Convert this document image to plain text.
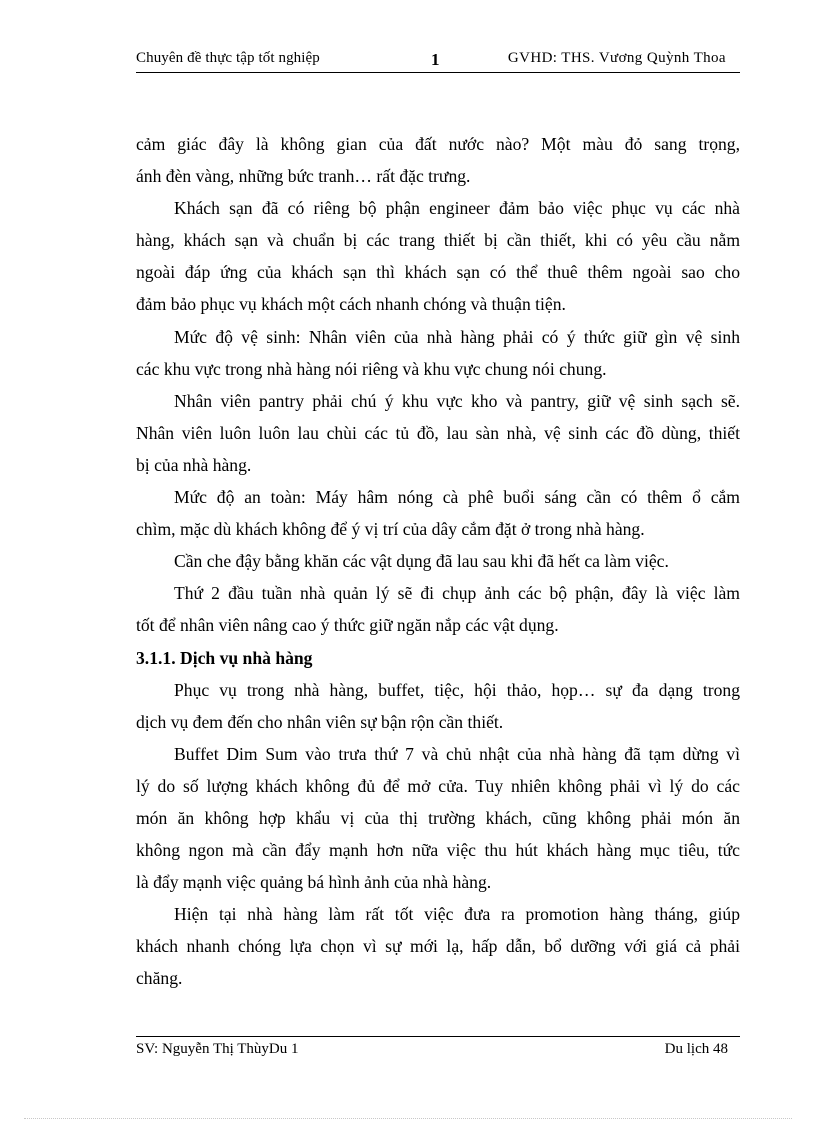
Chuyên đề thực tập tốt nghiệp	1	GVHD: THS. Vương Quỳnh Thoa
cảm giác đây là không gian của đất nước nào? Một màu đỏ sang trọng,
ánh đèn vàng, những bức tranh… rất đặc trưng.
Khách sạn đã có riêng bộ phận engineer đảm bảo việc phục vụ các nhà
hàng, khách sạn và chuẩn bị các trang thiết bị cần thiết, khi có yêu cầu nằm
ngoài đáp ứng của khách sạn thì khách sạn có thể thuê thêm ngoài sao cho
đảm bảo phục vụ khách một cách nhanh chóng và thuận tiện.
Mức độ vệ sinh: Nhân viên của nhà hàng phải có ý thức giữ gìn vệ sinh
các khu vực trong nhà hàng nói riêng và khu vực chung nói chung.
Nhân viên pantry phải chú ý khu vực kho và pantry, giữ vệ sinh sạch sẽ.
Nhân viên luôn luôn lau chùi các tủ đồ, lau sàn nhà, vệ sinh các đồ dùng, thiết
bị của nhà hàng.
Mức độ an toàn: Máy hâm nóng cà phê buổi sáng cần có thêm ổ cắm
chìm, mặc dù khách không để ý vị trí của dây cắm đặt ở trong nhà hàng.
Cần che đậy bằng khăn các vật dụng đã lau sau khi đã hết ca làm việc.
Thứ 2 đầu tuần nhà quản lý sẽ đi chụp ảnh các bộ phận, đây là việc làm
tốt để nhân viên nâng cao ý thức giữ ngăn nắp các vật dụng.
3.1.1. Dịch vụ nhà hàng
Phục vụ trong nhà hàng, buffet, tiệc, hội thảo, họp… sự đa dạng trong
dịch vụ đem đến cho nhân viên sự bận rộn cần thiết.
Buffet Dim Sum vào trưa thứ 7 và chủ nhật của nhà hàng đã tạm dừng vì
lý do số lượng khách không đủ để mở cửa. Tuy nhiên không phải vì lý do các
món ăn không hợp khẩu vị của thị trường khách, cũng không phải món ăn
không ngon mà cần đẩy mạnh hơn nữa việc thu hút khách hàng mục tiêu, tức
là đẩy mạnh việc quảng bá hình ảnh của nhà hàng.
Hiện tại nhà hàng làm rất tốt việc đưa ra promotion hàng tháng, giúp
khách nhanh chóng lựa chọn vì sự mới lạ, hấp dẫn, bổ dưỡng với giá cả phải
chăng.
SV: Nguyễn Thị ThùyDu 1	Du lịch 48
